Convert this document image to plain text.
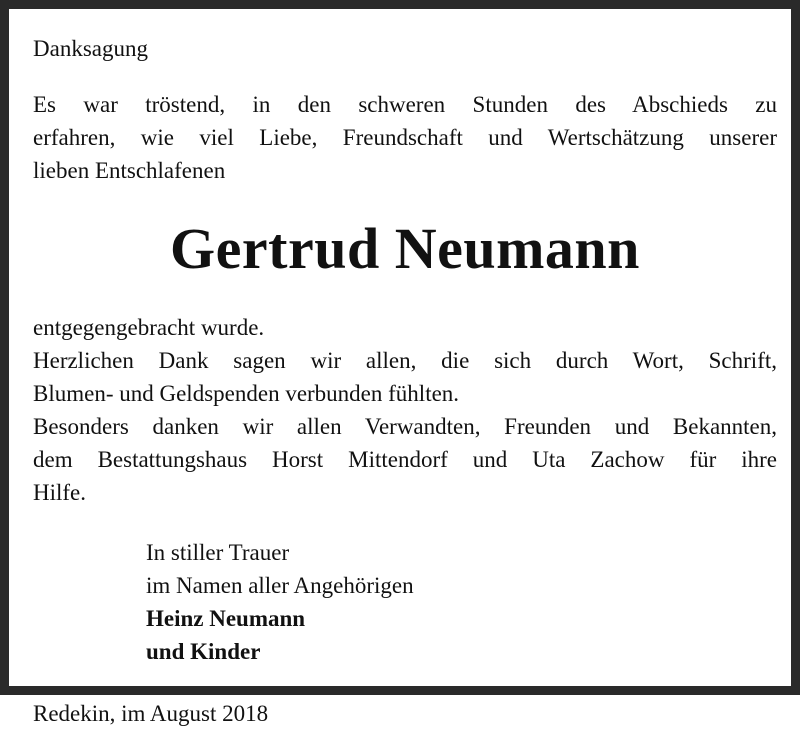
Danksagung

Es war tröstend, in den schweren Stunden des Abschieds zu

erfahren, wie viel Liebe, Freundschaft und Wertschätzung unserer

lieben Entschlafenen

Gertrud Neumann

entgegengebracht wurde.

Herzlichen Dank sagen wir allen, die sich durch Wort, Schrift,

Blumen- und Geldspenden verbunden fühlten.

Besonders danken wir allen Verwandten, Freunden und Bekannten,

dem Bestattungshaus Horst Mittendorf und Uta Zachow für ihre

Hilfe.

In stiller Trauer

im Namen aller Angehörigen

Heinz Neumann

und Kinder

Redekin, im August 2018
